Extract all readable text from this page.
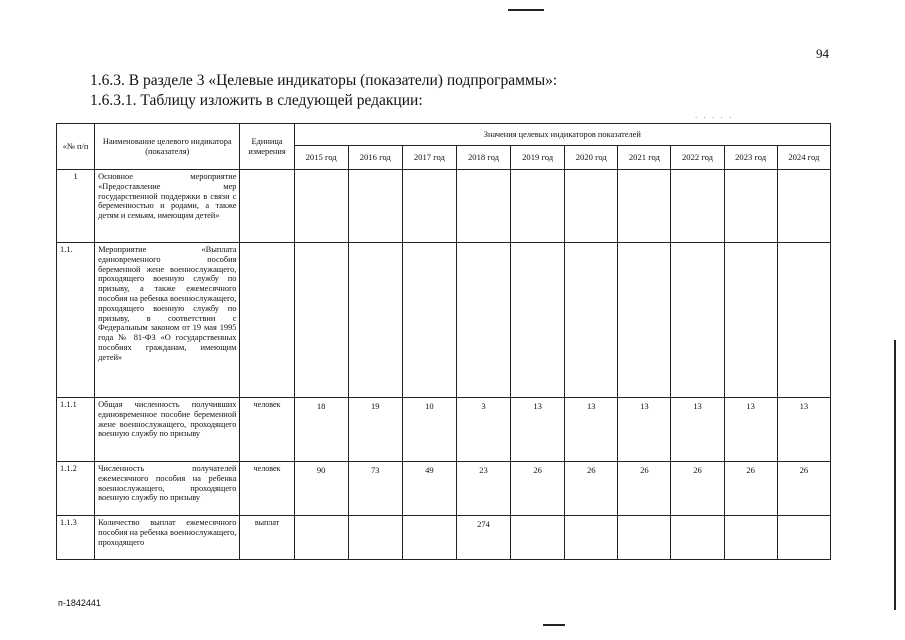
. . . . .
94
1.6.3. В разделе 3 «Целевые индикаторы (показатели) подпрограммы»:
1.6.3.1. Таблицу изложить в следующей редакции:
«№ п/п	Наименование целевого индикатора (показателя)	Единица измерения	Значения целевых индикаторов показателей									
			2015 год	2016 год	2017 год	2018 год	2019 год	2020 год	2021 год	2022 год	2023 год	2024 год
1	Основное мероприятие «Предоставление мер государственной поддержки в связи с беременностью и родами, а также детям и семьям, имеющим детей»											
1.1.	Мероприятие «Выплата единовременного пособия беременной жене военнослужащего, проходящего военную службу по призыву, а также ежемесячного пособия на ребенка военнослужащего, проходящего военную службу по призыву, в соответствии с Федеральным законом от 19 мая 1995 года № 81-ФЗ «О государственных пособиях гражданам, имеющим детей»											
1.1.1	Общая численность получивших единовременное пособие беременной жене военнослужащего, проходящего военную службу по призыву	человек	18	19	10	3	13	13	13	13	13	13
1.1.2	Численность получателей ежемесячного пособия на ребенка военнослужащего, проходящего военную службу по призыву	человек	90	73	49	23	26	26	26	26	26	26
1.1.3	Количество выплат ежемесячного пособия на ребенка военнослужащего, проходящего	выплат				274						
п-1842441
